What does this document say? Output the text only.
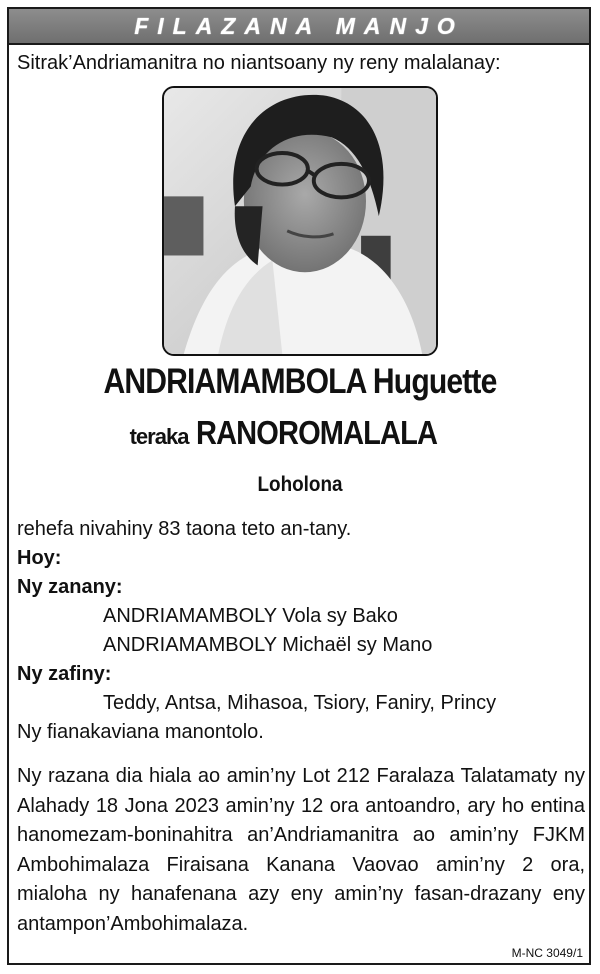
FILAZANA MANJO
Sitrak’Andriamanitra no niantsoany ny reny malalanay:
ANDRIAMAMBOLA Huguette
teraka RANOROMALALA
Loholona
rehefa nivahiny 83 taona teto an-tany.
Hoy:
Ny zanany:
ANDRIAMAMBOLY Vola sy Bako
ANDRIAMAMBOLY Michaël sy Mano
Ny zafiny:
Teddy, Antsa, Mihasoa, Tsiory, Faniry, Princy
Ny fianakaviana manontolo.
Ny razana dia hiala ao amin’ny Lot 212 Faralaza Talatamaty ny
Alahady 18 Jona 2023 amin’ny 12 ora antoandro, ary ho entina
hanomezam-boninahitra an’Andriamanitra ao amin’ny FJKM
Ambohimalaza Firaisana Kanana Vaovao amin’ny 2 ora,
mialoha ny hanafenana azy eny amin’ny fasan-drazany eny
antampon’Ambohimalaza.
M-NC 3049/1
